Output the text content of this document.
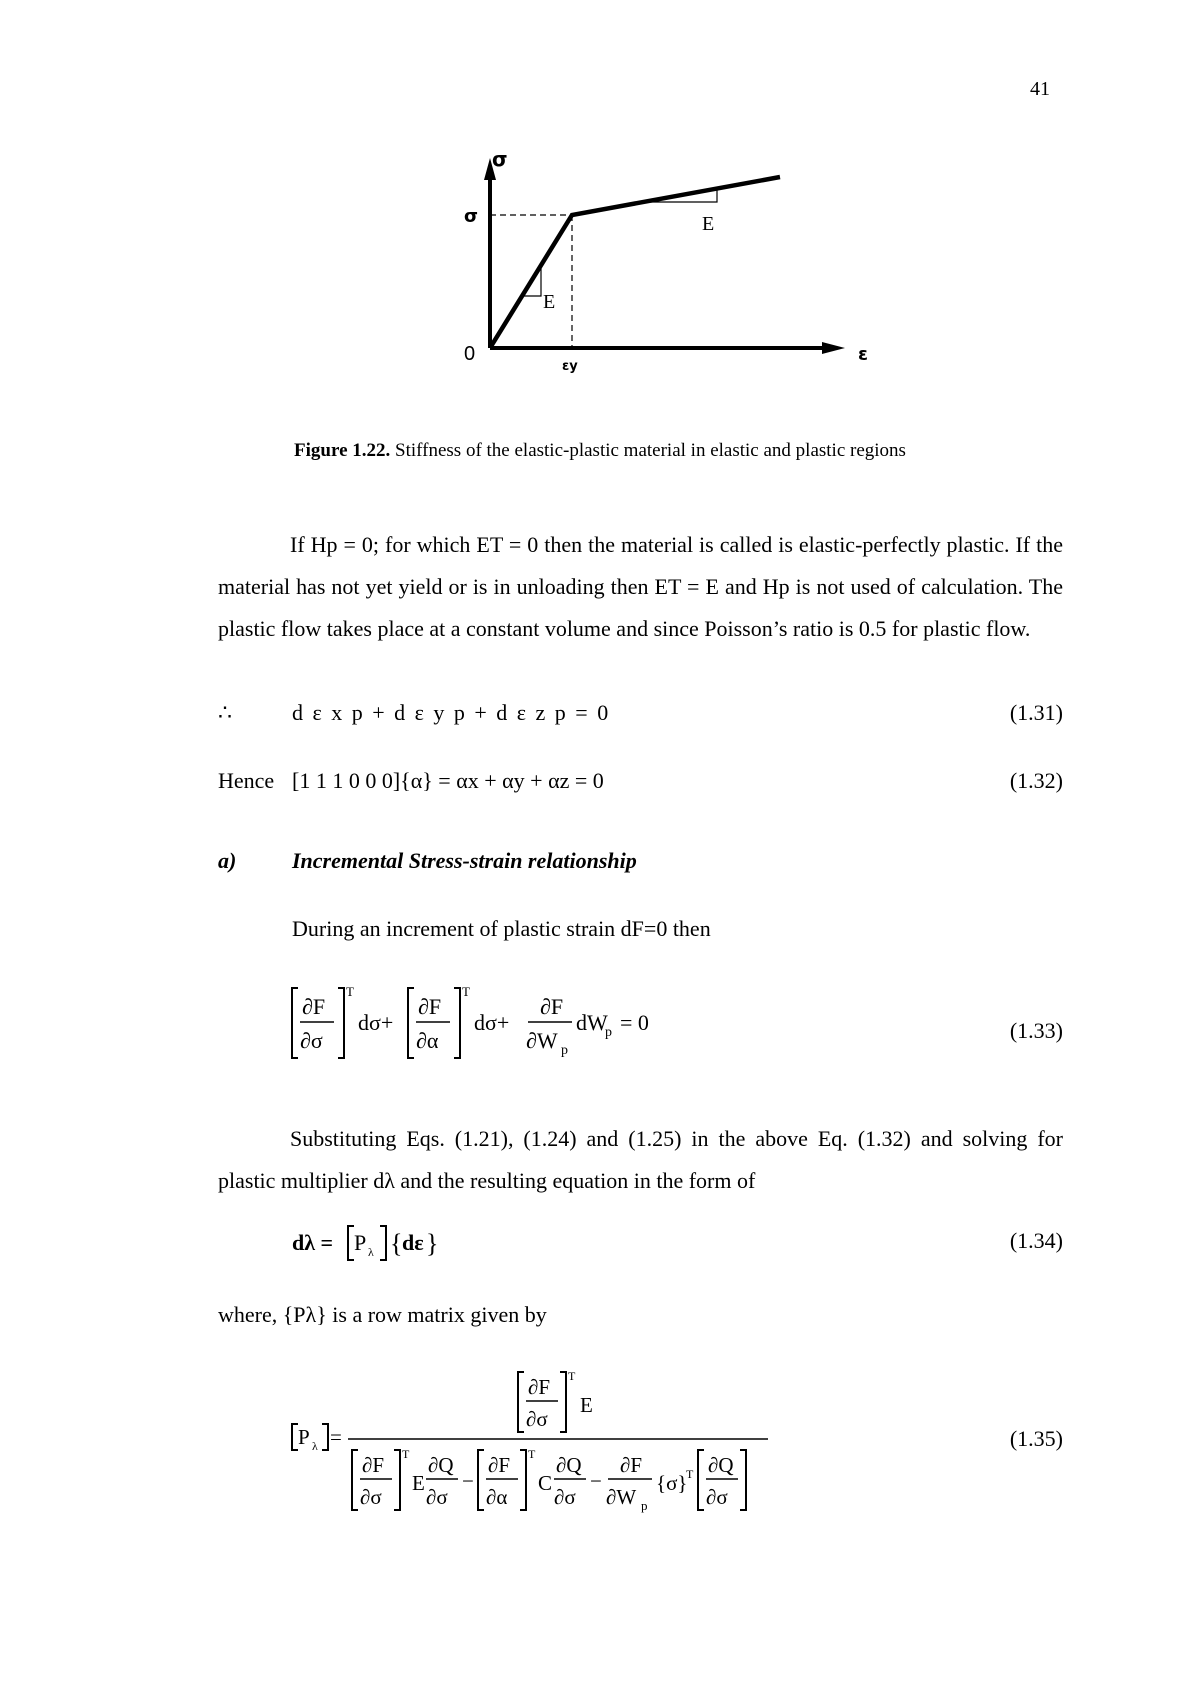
41
σ
σ
0
E
E
εy
ε
Figure 1.22. Stiffness of the elastic-plastic material in elastic and plastic regions
If Hp = 0; for which ET = 0 then the material is called is elastic-perfectly plastic. If the material has not yet yield or is in unloading then ET = E and Hp is not used of calculation. The plastic flow takes place at a constant volume and since Poisson’s ratio is 0.5 for plastic flow.
∴	d ε x p + d ε y p + d ε z p = 0	(1.31)
Hence [1 1 1 0 0 0]{α} = αx + αy + αz = 0	(1.32)
a)	Incremental Stress-strain relationship
During an increment of plastic strain dF=0 then
∂F
∂σ
T
dσ+
∂F
∂α
T
dσ+
∂F
∂W p
dW
p = 0	(1.33)
Substituting Eqs. (1.21), (1.24) and (1.25) in the above Eq. (1.32) and solving for plastic multiplier dλ and the resulting equation in the form of
dλ = P λ { dε }	(1.34)
where, {Pλ} is a row matrix given by
P λ =
∂F
∂σ
T
E
∂F
∂σ
T
E
∂Q
∂σ
−
∂F
∂α
T
C
∂Q
∂σ
−
∂F
∂W p
{σ}
T ∂Q
∂σ
(1.35)
